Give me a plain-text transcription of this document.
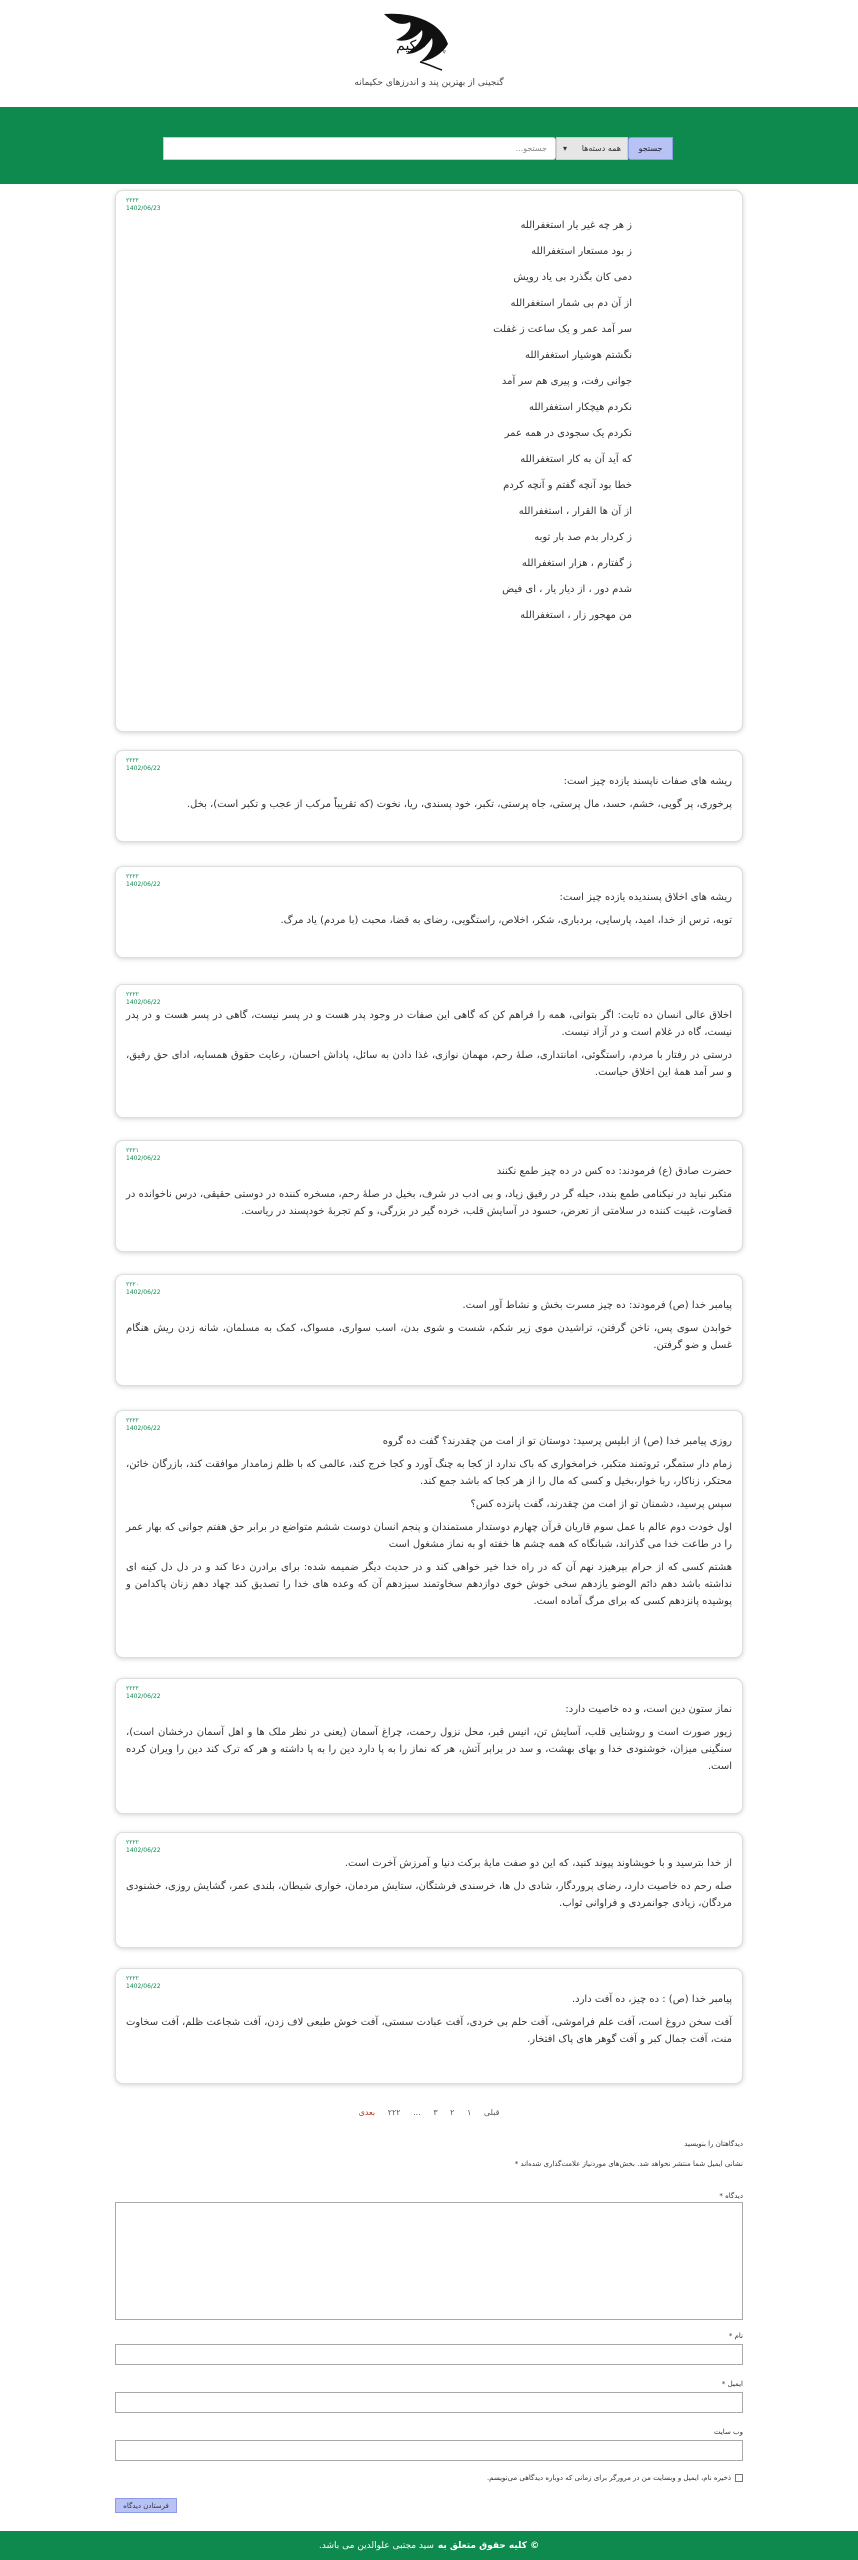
پند حکیم
گنجینی از بهترین پند و اندرزهای حکیمانه
جستجو...	همه دسته‌ها
▾	جستجو
۲۲۲۲
1402/06/23
ز هر چه غیر یار استغفرالله
ز بود مستعار استغفرالله
دمی کان بگذرد بی یاد رویش
از آن دم بی شمار استغفرالله
سر آمد عمر و یک ساعت ز غفلت
نگشتم هوشیار استغفرالله
جوانی رفت، و پیری هم سر آمد
نکردم هیچکار استغفرالله
نکردم یک سجودی در همه عمر
که آید آن به کار استغفرالله
خطا بود آنچه گفتم و آنچه کردم
از آن ها القرار ، استغفرالله
ز کردار بدم صد بار توبه
ز گفتارم ، هزار استغفرالله
شدم دور ، از دیار یار ، ای فیض
من مهجور زار ، استغفرالله
۲۲۲۲
1402/06/22

ریشه های صفات ناپسند یازده چیز است:

پرخوری، پر گویی، خشم، حسد، مال پرستی، جاه پرستی، تکبر، خود پسندی، ریا، نخوت (که تقریباً مرکب از عجب و تکبر است)، بخل.

۲۲۲۲
1402/06/22

ریشه های اخلاق پسندیده یازده چیز است:

توبه، ترس از خدا، امید، پارسایی، بردباری، شکر، اخلاص، راستگویی، رضای به قضا، محبت (با مردم) یاد مرگ.

۲۲۲۲
1402/06/22

اخلاق عالی انسان ده ثابت: اگر بتوانی، همه را فراهم کن که گاهی این صفات در وجود پدر هست و در پسر نیست، گاهی در پسر هست و در پدر نیست، گاه در غلام است و در آزاد نیست.

درستی در رفتار با مردم، راستگوئی، امانتداری، صلهٔ رحم، مهمان نوازی، غذا دادن به سائل، پاداش احسان، رعایت حقوق همسایه، ادای حق رفیق، و سر آمد همهٔ این اخلاق حیاست.

۲۲۲۱
1402/06/22

حضرت صادق (ع) فرمودند: ده کس در ده چیز طمع نکنند

متکبر نباید در نیکنامی طمع بندد، حیله گر در رفیق زیاد، و بی ادب در شرف، بخیل در صلهٔ رحم، مسخره کننده در دوستی حقیقی، درس ناخوانده در قضاوت، غیبت کننده در سلامتی از تعرض، حسود در آسایش قلب، خرده گیر در بزرگی، و کم تجربهٔ خودپسند در ریاست.

۲۲۲۰
1402/06/22

پیامبر خدا (ص) فرمودند: ده چیز مسرت بخش و نشاط آور است.

خوابدن سوی پس، ناخن گرفتن، تراشیدن موی زیر شکم، شست و شوی بدن، اسب سواری، مسواک، کمک به مسلمان، شانه زدن ریش هنگام غسل و ضو گرفتن.

۲۲۲۲
1402/06/22

روزی پیامبر خدا (ص) از ابلیس پرسید: دوستان تو از امت من چقدرند؟ گفت ده گروه

زمام دار ستمگر، ثروتمند متکبر، خرامخواری که باک ندارد از کجا به چنگ آورد و کجا خرج کند، عالمی که با ظلم زمامدار موافقت کند، بازرگان خائن، محتکر، زناکار، ربا خوار،بخیل و کسی که مال را از هر کجا که باشد جمع کند.

سپس پرسید، دشمنان تو از امت من چقدرند، گفت پانزده کس؟

اول خودت دوم عالم با عمل سوم قاریان قرآن چهارم دوستدار مستمندان و پنجم انسان دوست ششم متواضع در برابر حق هفتم جوانی که بهار عمر را در طاعت خدا می گذراند، شبانگاه که همه چشم ها خفته او به نماز مشغول است

هشتم کسی که از حرام بپرهیزد نهم آن که در راه خدا خیر خواهی کند و در حدیث دیگر ضمیمه شده: برای برادرن دعا کند و در دل دل کینه ای نداشته باشد دهم دائم الوضو یازدهم سخی خوش خوی دوازدهم سخاوتمند سیزدهم آن که وعده های خدا را تصدیق کند چهاد دهم زنان پاکدامن و پوشیده پانزدهم کسی که برای مرگ آماده است.

۲۲۲۲
1402/06/22

نماز ستون دین است، و ده خاصیت دارد:

زیور صورت است و روشنایی قلب، آسایش تن، انیس قبر، محل نزول رحمت، چراغ آسمان (یعنی در نظر ملک ها و اهل آسمان درخشان است)، سنگینی میزان، خوشنودی خدا و بهای بهشت، و سد در برابر آتش، هر که نماز را به پا دارد دین را به پا داشته و هر که ترک کند دین را ویران کرده است.

۲۲۲۲
1402/06/22

از خدا بترسید و با خویشاوند پیوند کنید، که این دو صفت مایهٔ برکت دنیا و آمرزش آخرت است.

صله رحم ده خاصیت دارد، رضای پروردگار، شادی دل ها، خرسندی فرشتگان، ستایش مردمان، خواری شیطان، بلندی عمر، گشایش روزی، خشنودی مردگان، زیادی جوانمردی و فراوانی ثواب.

۲۲۲۲
1402/06/22

پیامبر خدا (ص) : ده چیز، ده آفت دارد.

آفت سخن دروغ است، آفت علم فراموشی، آفت حلم بی خردی، آفت عبادت سستی، آفت خوش طبعی لاف زدن، آفت شجاعت ظلم، آفت سخاوت منت، آفت جمال کبر و آفت گوهر های پاک افتخار.

قبلی ۱ ۲ ۳ ... ۲۲۲ بعدی
دیدگاهتان را بنویسید
نشانی ایمیل شما منتشر نخواهد شد. بخش‌های موردنیاز علامت‌گذاری شده‌اند *
دیدگاه *
نام *
ایمیل *
وب سایت
ذخیره نام، ایمیل و وبسایت من در مرورگر برای زمانی که دوباره دیدگاهی می‌نویسم.
فرستادن دیدگاه
© کلیه حقوق متعلق به
سید مجتبی علوالدین می باشد.
